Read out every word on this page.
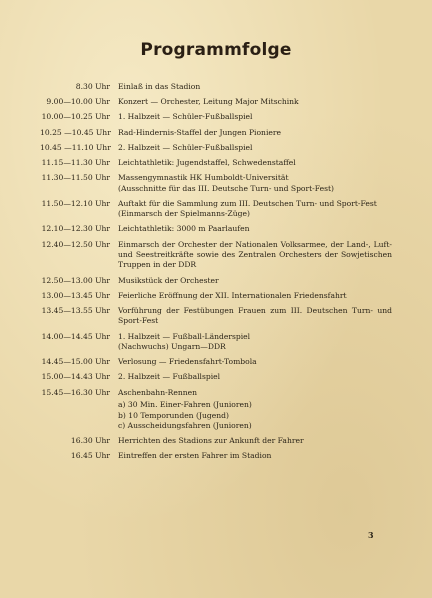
Programmfolge
8.30 Uhr	Einlaß in das Stadion
9.00—10.00 Uhr	Konzert — Orchester, Leitung Major Mitschink
10.00—10.25 Uhr	1. Halbzeit — Schüler-Fußballspiel
10.25 —10.45 Uhr Rad-Hindernis-Staffel der Jungen Pioniere
10.45 —11.10 Uhr 2. Halbzeit — Schüler-Fußballspiel
11.15—11.30 Uhr	Leichtathletik: Jugendstaffel, Schwedenstaffel
11.30—11.50 Uhr	Massengymnastik HK Humboldt-Universität
(Ausschnitte für das III. Deutsche Turn- und Sport-Fest)
11.50—12.10 Uhr	Auftakt für die Sammlung zum III. Deutschen Turn- und Sport-Fest
(Einmarsch der Spielmanns-Züge)
12.10—12.30 Uhr	Leichtathletik: 3000 m Paarlaufen
12.40—12.50 Uhr	Einmarsch der Orchester der Nationalen Volksarmee, der Land-, Luft- und Seestreitkräfte sowie des Zentralen Orchesters der Sowjetischen Truppen in der DDR
12.50—13.00 Uhr	Musikstück der Orchester
13.00—13.45 Uhr	Feierliche Eröffnung der XII. Internationalen Friedensfahrt
13.45—13.55 Uhr	Vorführung der Festübungen Frauen zum III. Deutschen Turn- und Sport-Fest
14.00—14.45 Uhr	1. Halbzeit — Fußball-Länderspiel
(Nachwuchs) Ungarn—DDR
14.45—15.00 Uhr	Verlosung — Friedensfahrt-Tombola
15.00—14.43 Uhr	2. Halbzeit — Fußballspiel
15.45—16.30 Uhr	Aschenbahn-Rennen
a) 30 Min. Einer-Fahren (Junioren)
b) 10 Temporunden (Jugend)
c) Ausscheidungsfahren (Junioren)
16.30 Uhr	Herrichten des Stadions zur Ankunft der Fahrer
16.45 Uhr	Eintreffen der ersten Fahrer im Stadion
3
